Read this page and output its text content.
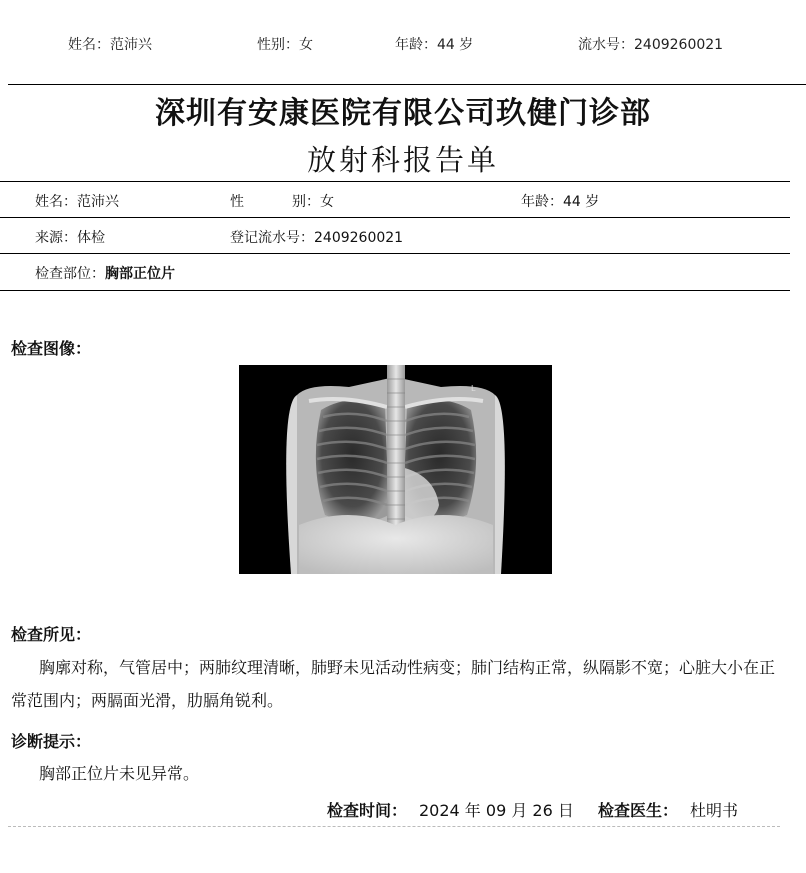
姓名：范沛兴	性别：女	年龄：44 岁	流水号：2409260021
深圳有安康医院有限公司玖健门诊部
放射科报告单
姓名：范沛兴	性	别：女	年龄：44 岁
来源：体检	登记流水号：2409260021
检查部位：胸部正位片
检查图像：
L
检查所见：
胸廓对称，气管居中；两肺纹理清晰，肺野未见活动性病变；肺门结构正常，纵隔影不宽；心脏大小在正常范围内；两膈面光滑，肋膈角锐利。
诊断提示：
胸部正位片未见异常。
检查时间： 2024 年 09 月 26 日 检查医生： 杜明书
